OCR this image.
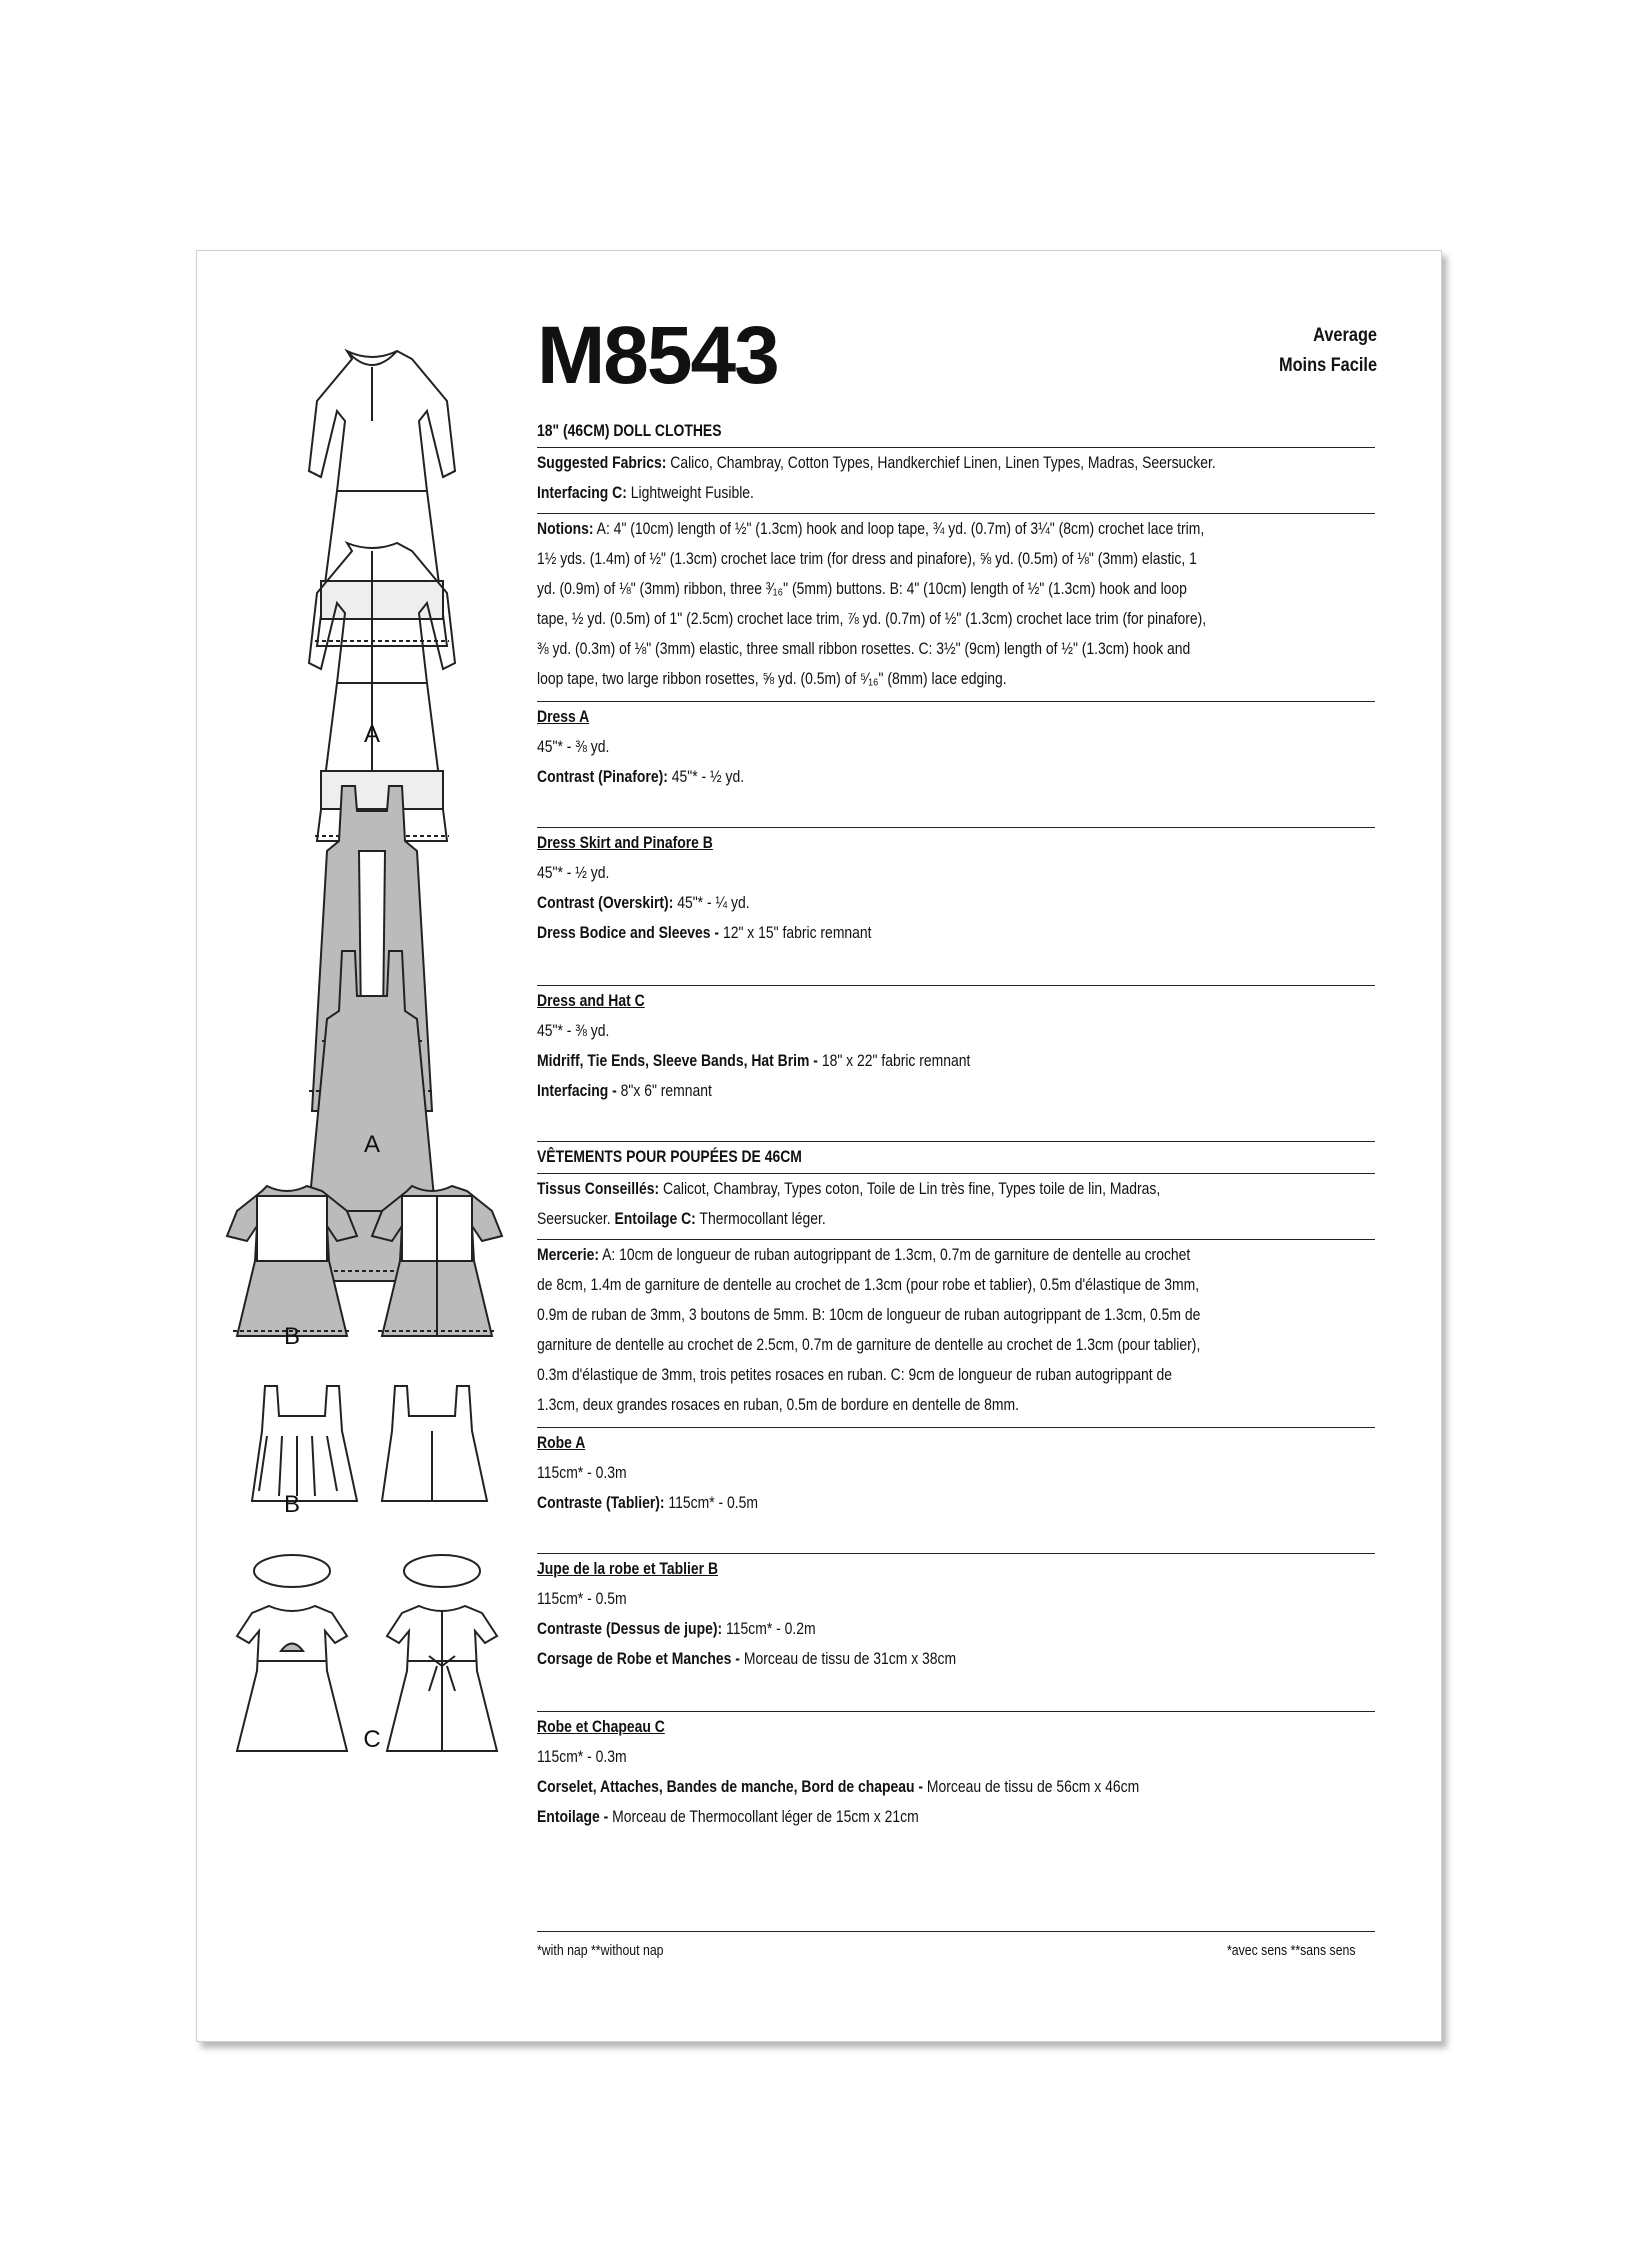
A
A
B
B
C
M8543	Average
Moins Facile
18" (46CM) DOLL CLOTHES
Suggested Fabrics: Calico, Chambray, Cotton Types, Handkerchief Linen, Linen Types, Madras, Seersucker.
Interfacing C: Lightweight Fusible.
Notions: A: 4" (10cm) length of ½" (1.3cm) hook and loop tape, ¾ yd. (0.7m) of 3¼" (8cm) crochet lace trim,
1½ yds. (1.4m) of ½" (1.3cm) crochet lace trim (for dress and pinafore), ⅝ yd. (0.5m) of ⅛" (3mm) elastic, 1
yd. (0.9m) of ⅛" (3mm) ribbon, three ³⁄₁₆" (5mm) buttons. B: 4" (10cm) length of ½" (1.3cm) hook and loop
tape, ½ yd. (0.5m) of 1" (2.5cm) crochet lace trim, ⅞ yd. (0.7m) of ½" (1.3cm) crochet lace trim (for pinafore),
⅜ yd. (0.3m) of ⅛" (3mm) elastic, three small ribbon rosettes. C: 3½" (9cm) length of ½" (1.3cm) hook and
loop tape, two large ribbon rosettes, ⅝ yd. (0.5m) of ⁵⁄₁₆" (8mm) lace edging.
Dress A
45"* - ⅜ yd.
Contrast (Pinafore): 45"* - ½ yd.
Dress Skirt and Pinafore B
45"* - ½ yd.
Contrast (Overskirt): 45"* - ¼ yd.
Dress Bodice and Sleeves - 12" x 15" fabric remnant
Dress and Hat C
45"* - ⅜ yd.
Midriff, Tie Ends, Sleeve Bands, Hat Brim - 18" x 22" fabric remnant
Interfacing - 8"x 6" remnant
VÊTEMENTS POUR POUPÉES DE 46CM
Tissus Conseillés: Calicot, Chambray, Types coton, Toile de Lin très fine, Types toile de lin, Madras,
Seersucker. Entoilage C: Thermocollant léger.
Mercerie: A: 10cm de longueur de ruban autogrippant de 1.3cm, 0.7m de garniture de dentelle au crochet
de 8cm, 1.4m de garniture de dentelle au crochet de 1.3cm (pour robe et tablier), 0.5m d'élastique de 3mm,
0.9m de ruban de 3mm, 3 boutons de 5mm. B: 10cm de longueur de ruban autogrippant de 1.3cm, 0.5m de
garniture de dentelle au crochet de 2.5cm, 0.7m de garniture de dentelle au crochet de 1.3cm (pour tablier),
0.3m d'élastique de 3mm, trois petites rosaces en ruban. C: 9cm de longueur de ruban autogrippant de
1.3cm, deux grandes rosaces en ruban, 0.5m de bordure en dentelle de 8mm.
Robe A
115cm* - 0.3m
Contraste (Tablier): 115cm* - 0.5m
Jupe de la robe et Tablier B
115cm* - 0.5m
Contraste (Dessus de jupe): 115cm* - 0.2m
Corsage de Robe et Manches - Morceau de tissu de 31cm x 38cm
Robe et Chapeau C
115cm* - 0.3m
Corselet, Attaches, Bandes de manche, Bord de chapeau - Morceau de tissu de 56cm x 46cm
Entoilage - Morceau de Thermocollant léger de 15cm x 21cm
*with nap **without nap	*avec sens **sans sens
